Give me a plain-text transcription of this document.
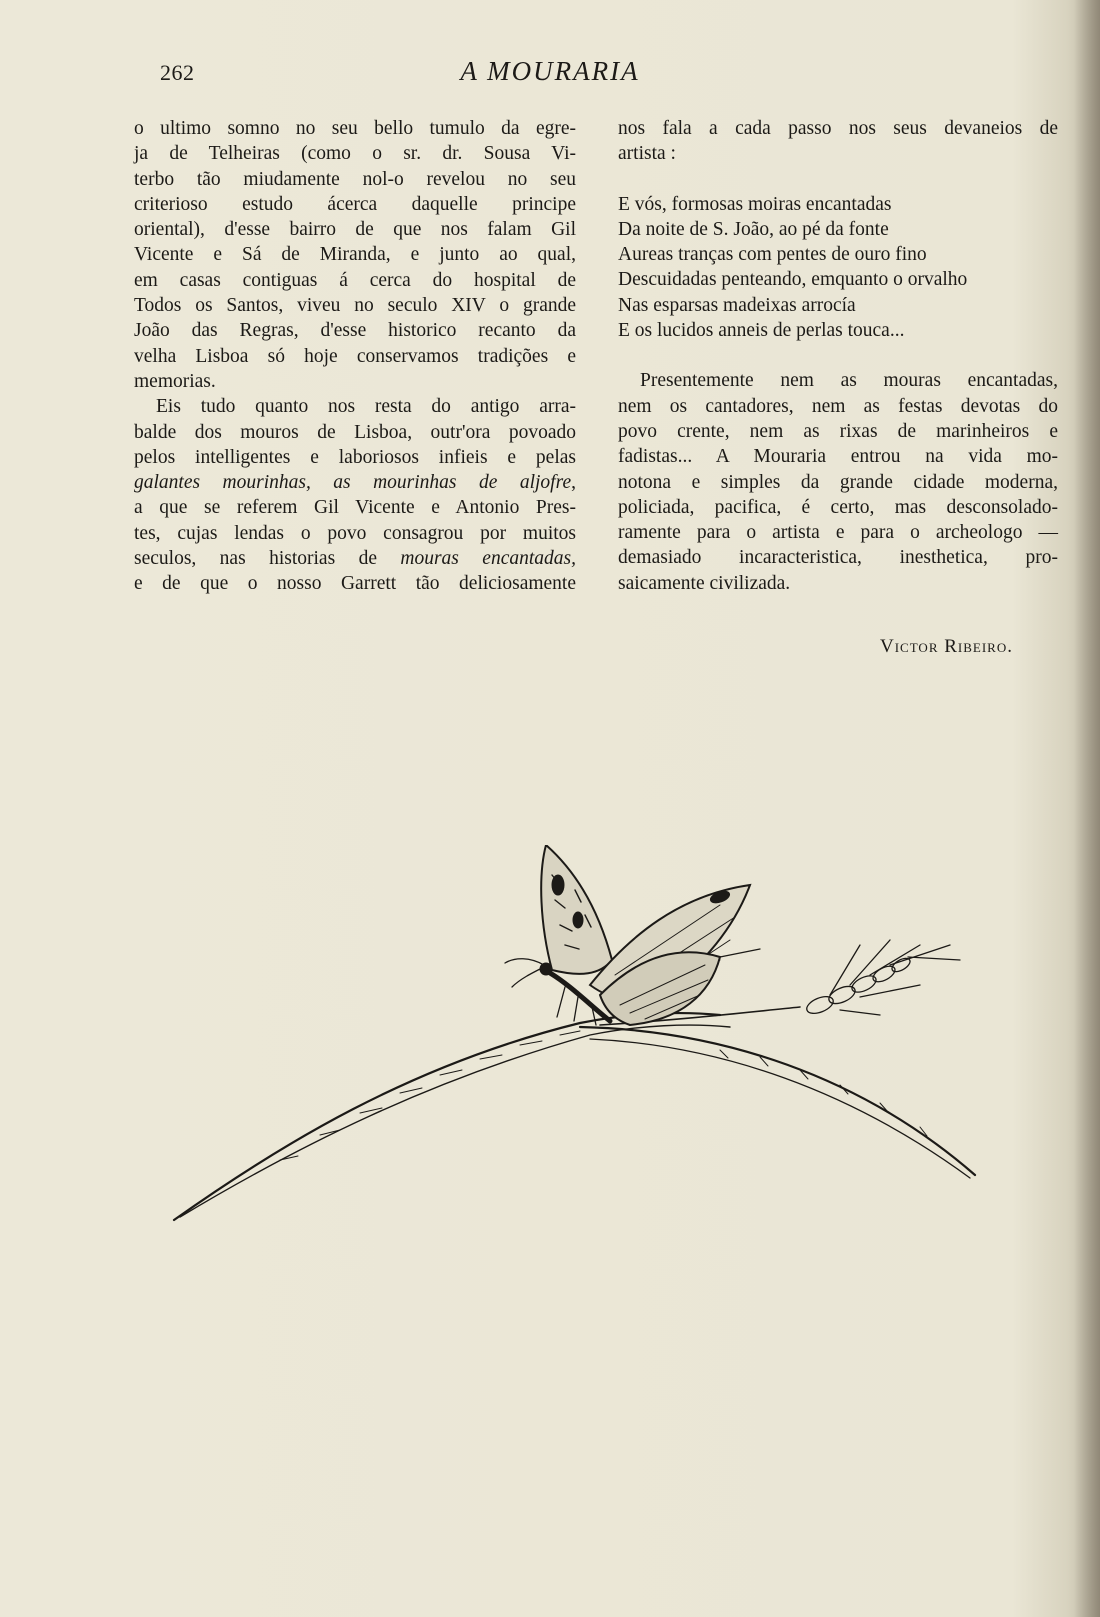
262	A MOURARIA
o ultimo somno no seu bello tumulo da egre-
ja de Telheiras (como o sr. dr. Sousa Vi-
terbo tão miudamente nol-o revelou no seu
criterioso estudo ácerca daquelle principe
oriental), d'esse bairro de que nos falam Gil
Vicente e Sá de Miranda, e junto ao qual,
em casas contiguas á cerca do hospital de
Todos os Santos, viveu no seculo XIV o grande
João das Regras, d'esse historico recanto da
velha Lisboa só hoje conservamos tradições e
memorias.
Eis tudo quanto nos resta do antigo arra-
balde dos mouros de Lisboa, outr'ora povoado
pelos intelligentes e laboriosos infieis e pelas
galantes mourinhas, as mourinhas de aljofre,
a que se referem Gil Vicente e Antonio Pres-
tes, cujas lendas o povo consagrou por muitos
seculos, nas historias de mouras encantadas,
e de que o nosso Garrett tão deliciosamente
nos fala a cada passo nos seus devaneios de
artista :
E vós, formosas moiras encantadas
Da noite de S. João, ao pé da fonte
Aureas tranças com pentes de ouro fino
Descuidadas penteando, emquanto o orvalho
Nas esparsas madeixas arrocía
E os lucidos anneis de perlas touca...
Presentemente nem as mouras encantadas,
nem os cantadores, nem as festas devotas do
povo crente, nem as rixas de marinheiros e
fadistas... A Mouraria entrou na vida mo-
notona e simples da grande cidade moderna,
policiada, pacifica, é certo, mas desconsolado-
ramente para o artista e para o archeologo —
demasiado incaracteristica, inesthetica, pro-
saicamente civilizada.
Victor Ribeiro.
